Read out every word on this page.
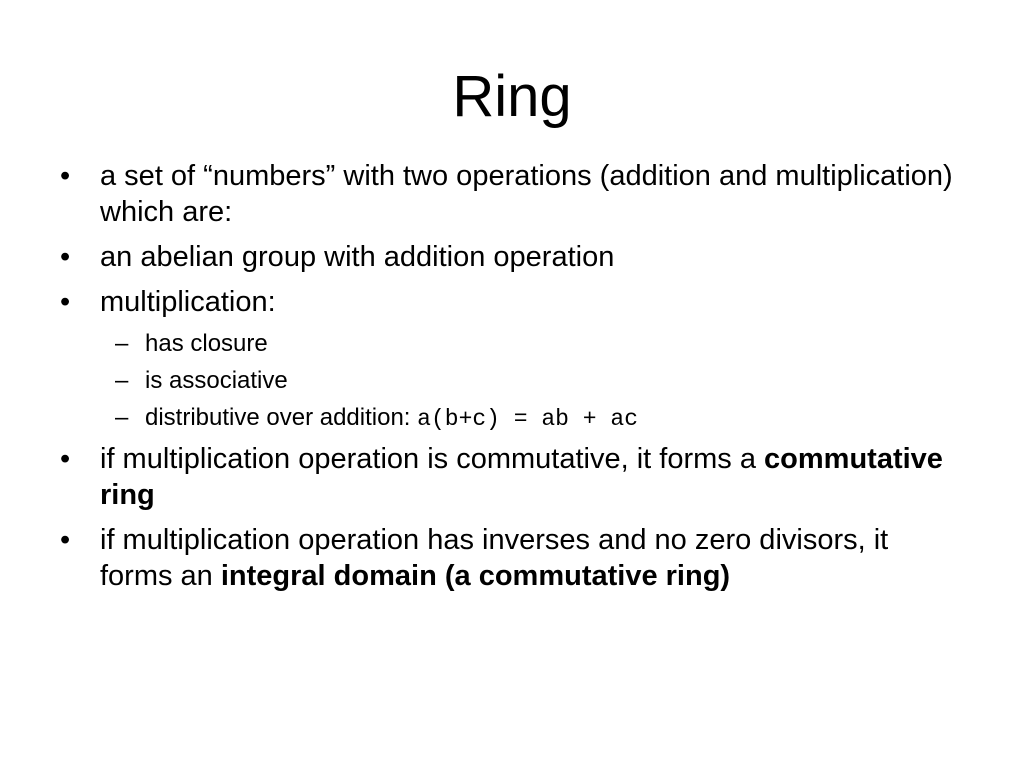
Ring
• a set of “numbers” with two operations (addition and multiplication) which are:
• an abelian group with addition operation
• multiplication:
– has closure
– is associative
– distributive over addition: a(b+c) = ab + ac
• if multiplication operation is commutative, it forms a commutative ring
• if multiplication operation has inverses and no zero divisors, it forms an integral domain (a commutative ring)
